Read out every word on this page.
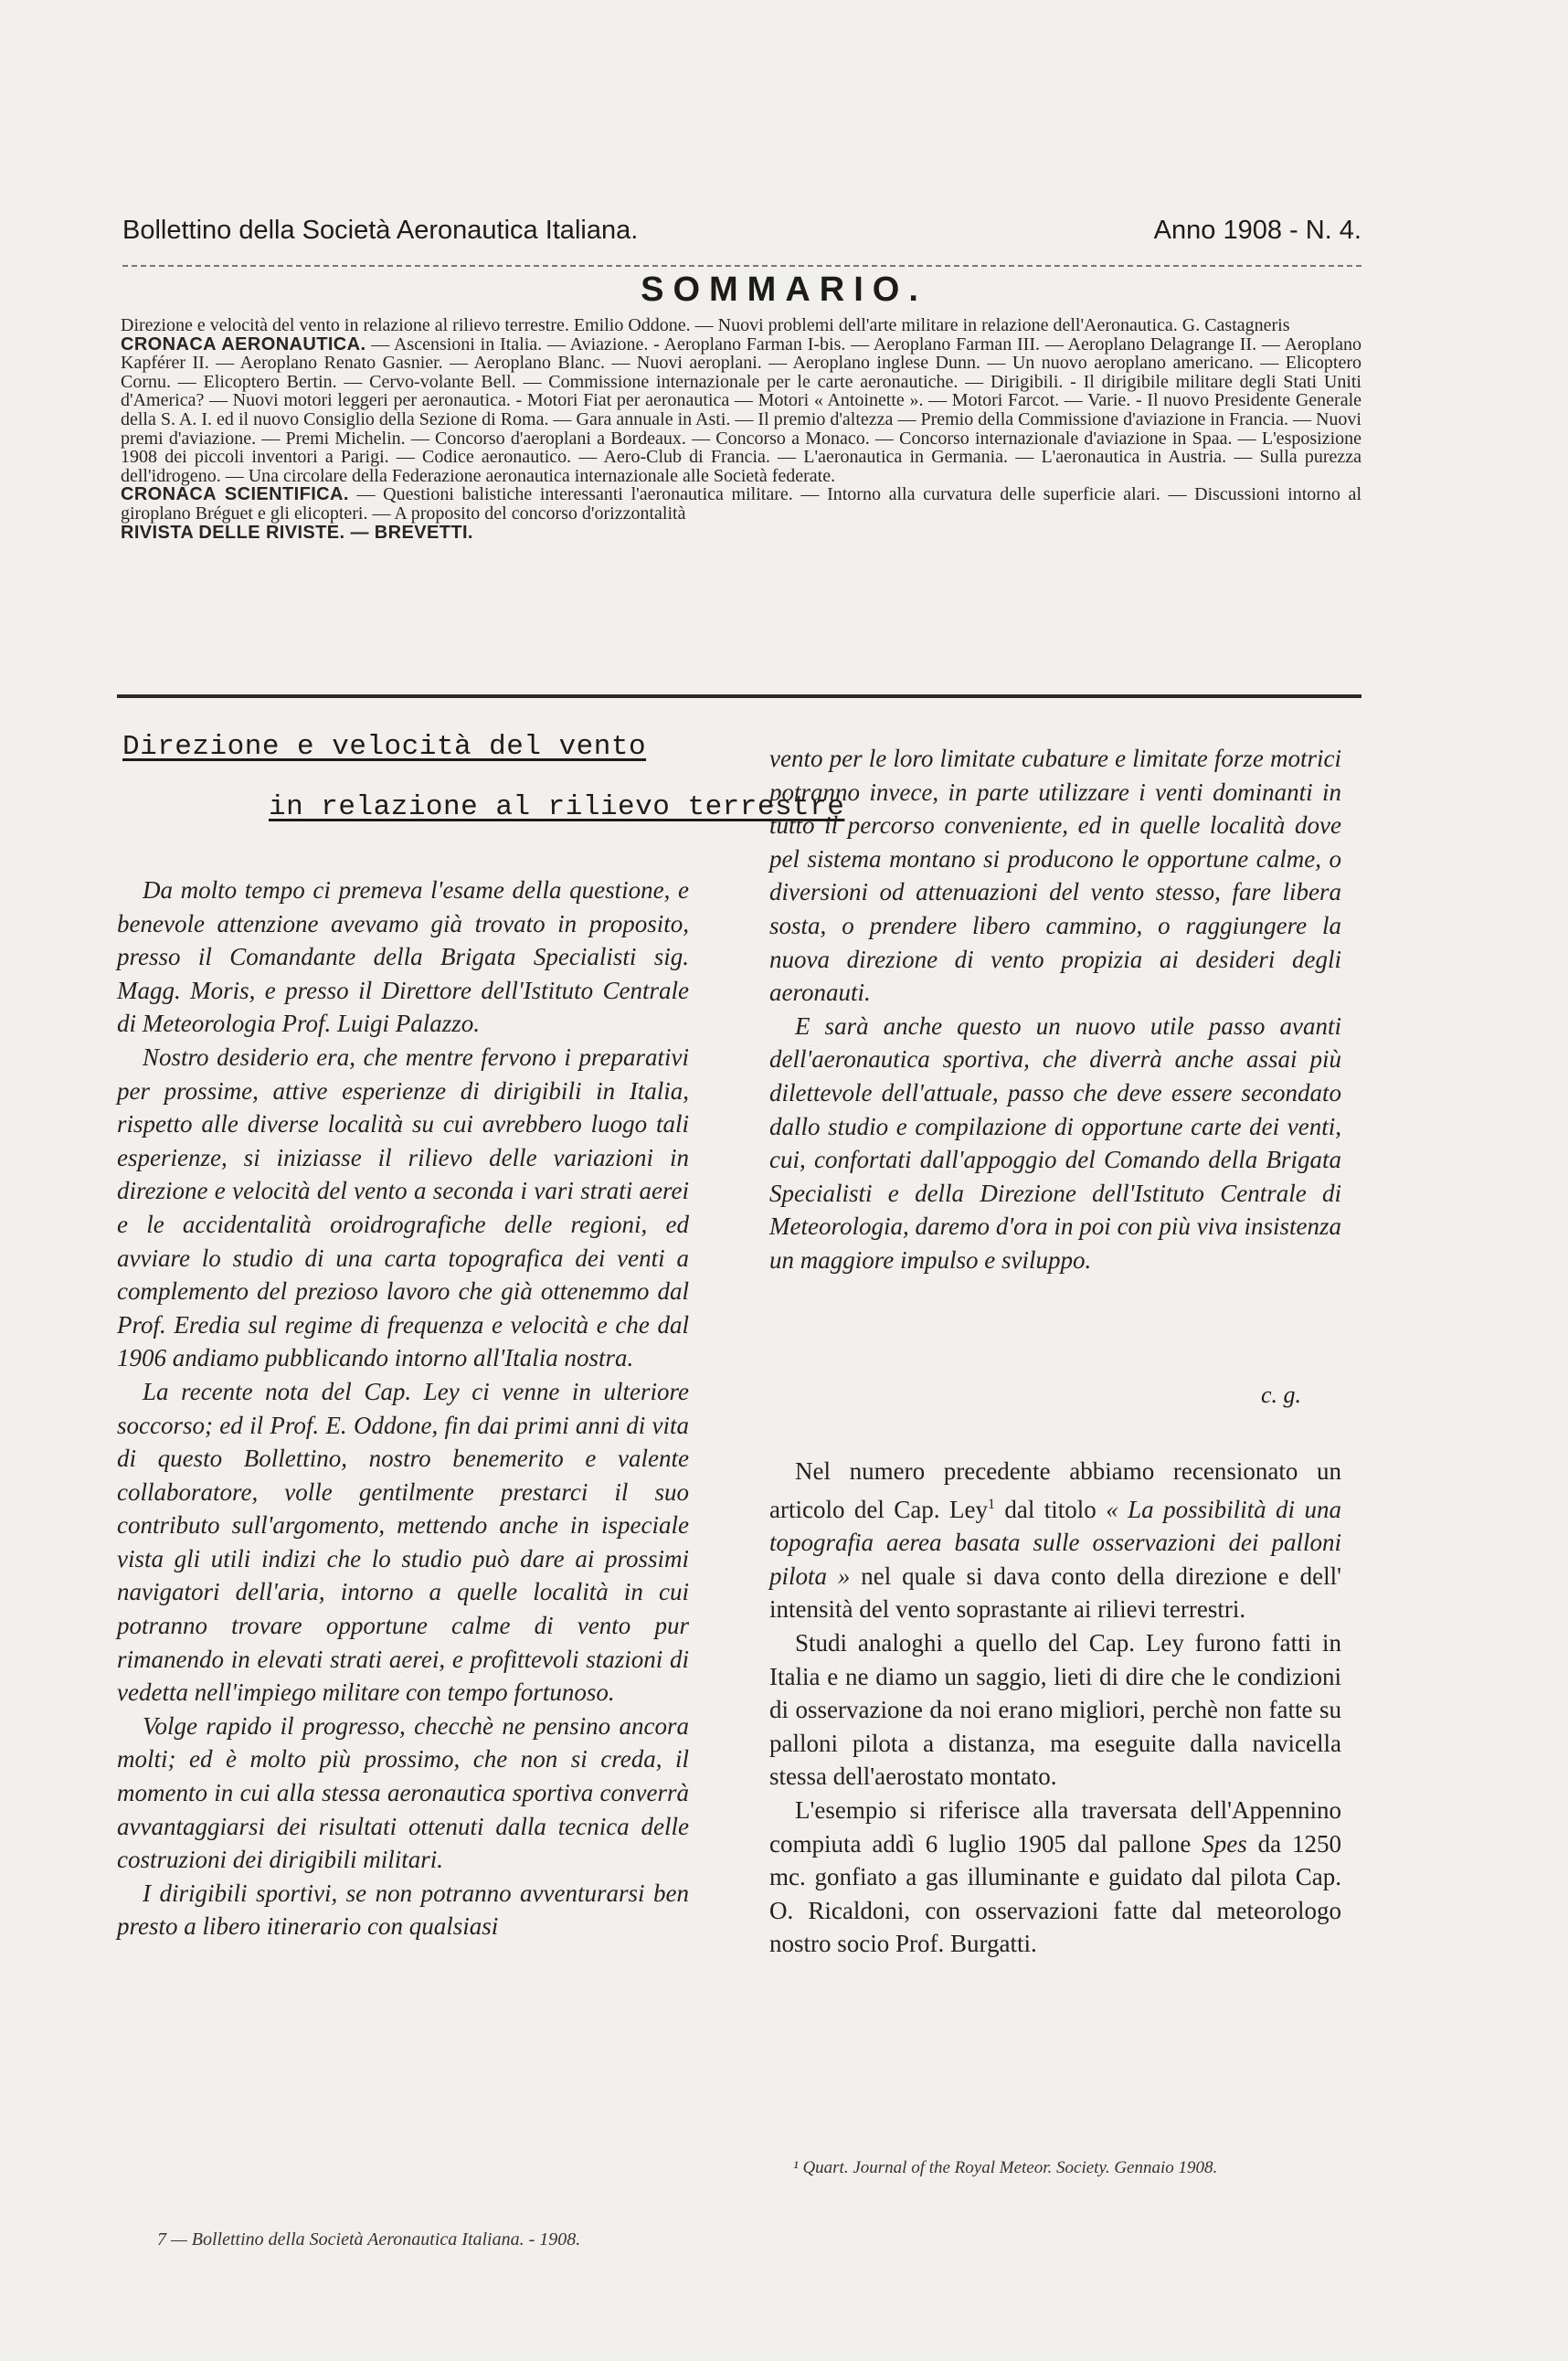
Bollettino della Società Aeronautica Italiana.	Anno 1908 - N. 4.
SOMMARIO.

Direzione e velocità del vento in relazione al rilievo terrestre. Emilio Oddone. — Nuovi problemi dell'arte militare in relazione dell'Aeronautica. G. Castagneris

CRONACA AERONAUTICA. — Ascensioni in Italia. — Aviazione. - Aeroplano Farman I-bis. — Aeroplano Farman III. — Aeroplano Delagrange II. — Aeroplano Kapférer II. — Aeroplano Renato Gasnier. — Aeroplano Blanc. — Nuovi aeroplani. — Aeroplano inglese Dunn. — Un nuovo aeroplano americano. — Elicoptero Cornu. — Elicoptero Bertin. — Cervo-volante Bell. — Commissione internazionale per le carte aeronautiche. — Dirigibili. - Il dirigibile militare degli Stati Uniti d'America? — Nuovi motori leggeri per aeronautica. - Motori Fiat per aeronautica — Motori « Antoinette ». — Motori Farcot. — Varie. - Il nuovo Presidente Generale della S. A. I. ed il nuovo Consiglio della Sezione di Roma. — Gara annuale in Asti. — Il premio d'altezza — Premio della Commissione d'aviazione in Francia. — Nuovi premi d'aviazione. — Premi Michelin. — Concorso d'aeroplani a Bordeaux. — Concorso a Monaco. — Concorso internazionale d'aviazione in Spaa. — L'esposizione 1908 dei piccoli inventori a Parigi. — Codice aeronautico. — Aero-Club di Francia. — L'aeronautica in Germania. — L'aeronautica in Austria. — Sulla purezza dell'idrogeno. — Una circolare della Federazione aeronautica internazionale alle Società federate.

CRONACA SCIENTIFICA. — Questioni balistiche interessanti l'aeronautica militare. — Intorno alla curvatura delle superficie alari. — Discussioni intorno al giroplano Bréguet e gli elicopteri. — A proposito del concorso d'orizzontalità

RIVISTA DELLE RIVISTE. — BREVETTI.

Direzione e velocità del vento
in relazione al rilievo terrestre

Da molto tempo ci premeva l'esame della questione, e benevole attenzione avevamo già trovato in proposito, presso il Comandante della Brigata Specialisti sig. Magg. Moris, e presso il Direttore dell'Istituto Centrale di Meteorologia Prof. Luigi Palazzo.

Nostro desiderio era, che mentre fervono i preparativi per prossime, attive esperienze di dirigibili in Italia, rispetto alle diverse località su cui avrebbero luogo tali esperienze, si iniziasse il rilievo delle variazioni in direzione e velocità del vento a seconda i vari strati aerei e le accidentalità oroidrografiche delle regioni, ed avviare lo studio di una carta topografica dei venti a complemento del prezioso lavoro che già ottenemmo dal Prof. Eredia sul regime di frequenza e velocità e che dal 1906 andiamo pubblicando intorno all'Italia nostra.

La recente nota del Cap. Ley ci venne in ulteriore soccorso; ed il Prof. E. Oddone, fin dai primi anni di vita di questo Bollettino, nostro benemerito e valente collaboratore, volle gentilmente prestarci il suo contributo sull'argomento, mettendo anche in ispeciale vista gli utili indizi che lo studio può dare ai prossimi navigatori dell'aria, intorno a quelle località in cui potranno trovare opportune calme di vento pur rimanendo in elevati strati aerei, e profittevoli stazioni di vedetta nell'impiego militare con tempo fortunoso.

Volge rapido il progresso, checchè ne pensino ancora molti; ed è molto più prossimo, che non si creda, il momento in cui alla stessa aeronautica sportiva converrà avvantaggiarsi dei risultati ottenuti dalla tecnica delle costruzioni dei dirigibili militari.

I dirigibili sportivi, se non potranno avventurarsi ben presto a libero itinerario con qualsiasi

vento per le loro limitate cubature e limitate forze motrici potranno invece, in parte utilizzare i venti dominanti in tutto il percorso conveniente, ed in quelle località dove pel sistema montano si producono le opportune calme, o diversioni od attenuazioni del vento stesso, fare libera sosta, o prendere libero cammino, o raggiungere la nuova direzione di vento propizia ai desideri degli aeronauti.

E sarà anche questo un nuovo utile passo avanti dell'aeronautica sportiva, che diverrà anche assai più dilettevole dell'attuale, passo che deve essere secondato dallo studio e compilazione di opportune carte dei venti, cui, confortati dall'appoggio del Comando della Brigata Specialisti e della Direzione dell'Istituto Centrale di Meteorologia, daremo d'ora in poi con più viva insistenza un maggiore impulso e sviluppo.

c. g.

Nel numero precedente abbiamo recensionato un articolo del Cap. Ley$^1$ dal titolo « La possibilità di una topografia aerea basata sulle osservazioni dei palloni pilota » nel quale si dava conto della direzione e dell' intensità del vento soprastante ai rilievi terrestri.

Studi analoghi a quello del Cap. Ley furono fatti in Italia e ne diamo un saggio, lieti di dire che le condizioni di osservazione da noi erano migliori, perchè non fatte su palloni pilota a distanza, ma eseguite dalla navicella stessa dell'aerostato montato.

L'esempio si riferisce alla traversata dell'Appennino compiuta addì 6 luglio 1905 dal pallone Spes da 1250 mc. gonfiato a gas illuminante e guidato dal pilota Cap. O. Ricaldoni, con osservazioni fatte dal meteorologo nostro socio Prof. Burgatti.

¹ Quart. Journal of the Royal Meteor. Society. Gennaio 1908.
7 — Bollettino della Società Aeronautica Italiana. - 1908.
